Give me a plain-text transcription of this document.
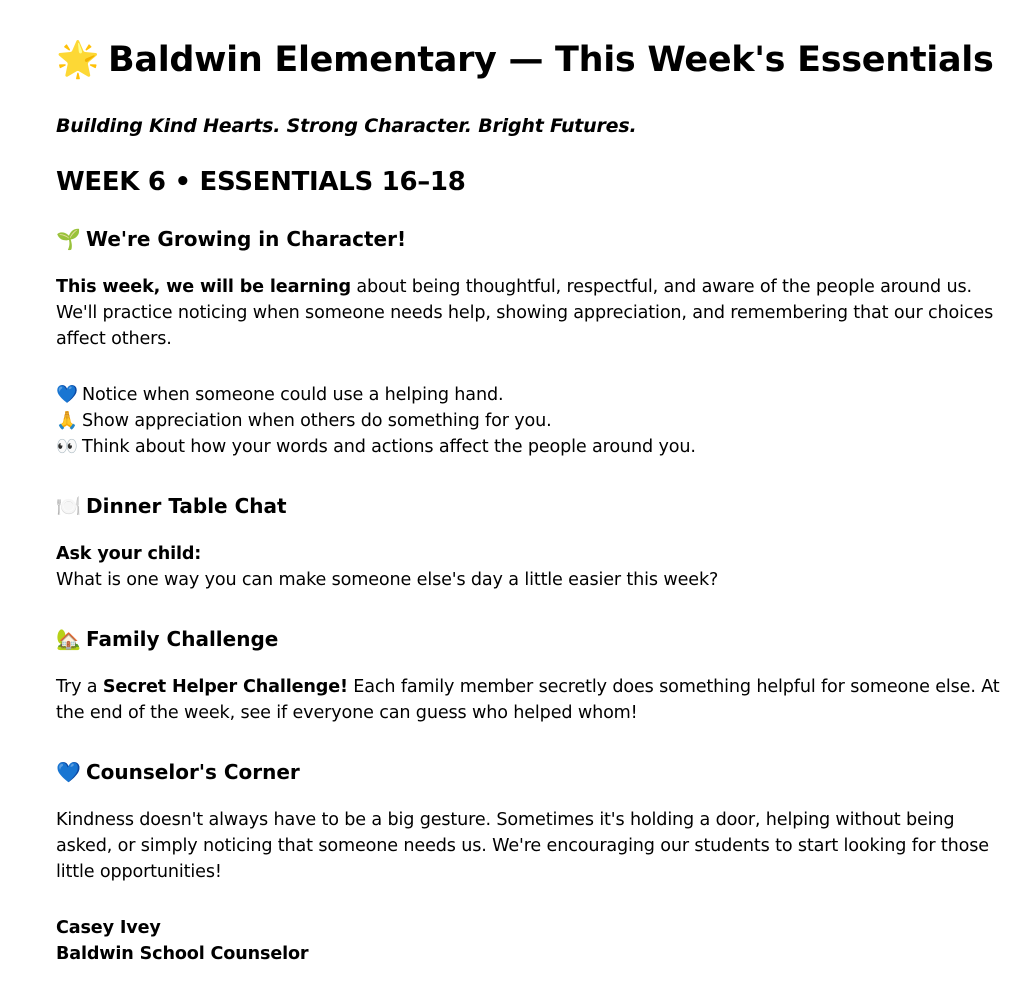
🌟 Baldwin Elementary — This Week's Essentials
Building Kind Hearts. Strong Character. Bright Futures.
WEEK 6 • ESSENTIALS 16–18
🌱 We're Growing in Character!
This week, we will be learning about being thoughtful, respectful, and aware of the people around us.
We'll practice noticing when someone needs help, showing appreciation, and remembering that our choices
affect others.
💙 Notice when someone could use a helping hand.
🙏 Show appreciation when others do something for you.
👀 Think about how your words and actions affect the people around you.
🍽️ Dinner Table Chat
Ask your child:
What is one way you can make someone else's day a little easier this week?
🏡 Family Challenge
Try a Secret Helper Challenge! Each family member secretly does something helpful for someone else. At
the end of the week, see if everyone can guess who helped whom!
💙 Counselor's Corner
Kindness doesn't always have to be a big gesture. Sometimes it's holding a door, helping without being
asked, or simply noticing that someone needs us. We're encouraging our students to start looking for those
little opportunities!
Casey Ivey
Baldwin School Counselor
